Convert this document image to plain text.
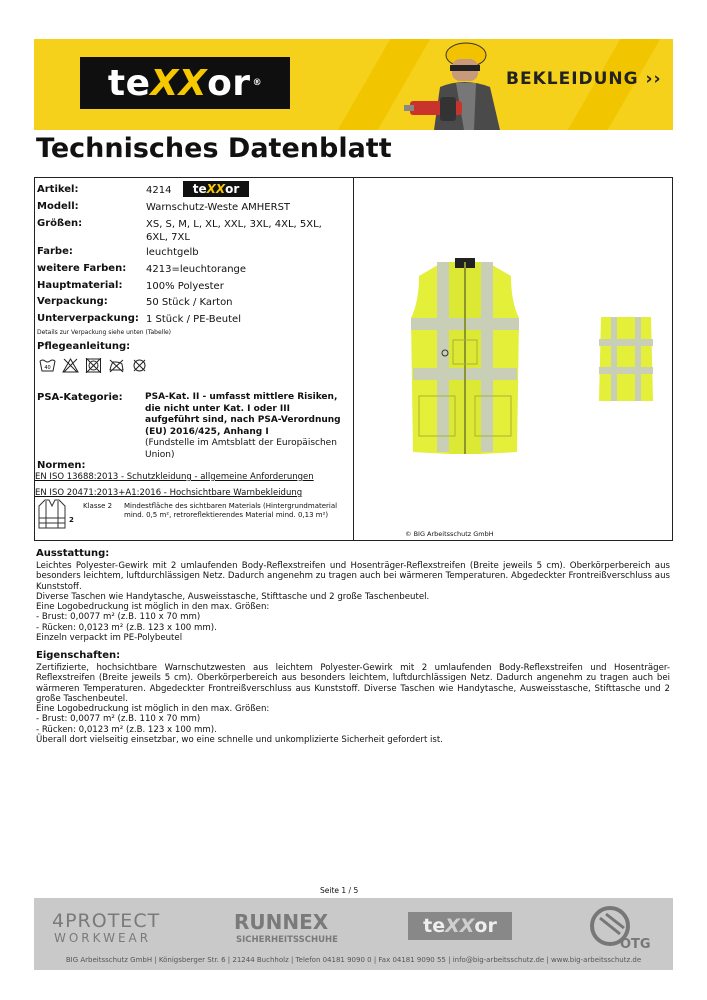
te XX or ®	BEKLEIDUNG ››
Technisches Datenblatt
Artikel:	4214	te XX or
Modell:	Warnschutz-Weste AMHERST
Größen:	XS, S, M, L, XL, XXL, 3XL, 4XL, 5XL, 6XL, 7XL
Farbe:	leuchtgelb
weitere Farben:	4213=leuchtorange
Hauptmaterial:	100% Polyester
Verpackung:	50 Stück / Karton
Unterverpackung: 1 Stück / PE-Beutel
Details zur Verpackung siehe unten (Tabelle)
Pflegeanleitung:
40
PSA-Kategorie: PSA-Kat. II - umfasst mittlere Risiken, die nicht unter Kat. I oder III aufgeführt sind, nach PSA-Verordnung (EU) 2016/425, Anhang I
(Fundstelle im Amtsblatt der Europäischen Union)
Normen:
EN ISO 13688:2013 - Schutzkleidung - allgemeine Anforderungen
EN ISO 20471:2013+A1:2016 - Hochsichtbare Warnbekleidung
2
Klasse 2 Mindestfläche des sichtbaren Materials (Hintergrundmaterial mind. 0,5 m², retroreflektierendes Material mind. 0,13 m²)
© BIG Arbeitsschutz GmbH
Ausstattung:
Leichtes Polyester-Gewirk mit 2 umlaufenden Body-Reflexstreifen und Hosenträger-Reflexstreifen (Breite jeweils 5 cm). Oberkörperbereich aus besonders leichtem, luftdurchlässigen Netz. Dadurch angenehm zu tragen auch bei wärmeren Temperaturen. Abgedeckter Frontreißverschluss aus Kunststoff.
Diverse Taschen wie Handytasche, Ausweisstasche, Stifttasche und 2 große Taschenbeutel.
Eine Logobedruckung ist möglich in den max. Größen:
- Brust: 0,0077 m² (z.B. 110 x 70 mm)
- Rücken: 0,0123 m² (z.B. 123 x 100 mm).
Einzeln verpackt im PE-Polybeutel
Eigenschaften:
Zertifizierte, hochsichtbare Warnschutzwesten aus leichtem Polyester-Gewirk mit 2 umlaufenden Body-Reflexstreifen und Hosenträger-Reflexstreifen (Breite jeweils 5 cm). Oberkörperbereich aus besonders leichtem, luftdurchlässigen Netz. Dadurch angenehm zu tragen auch bei wärmeren Temperaturen. Abgedeckter Frontreißverschluss aus Kunststoff. Diverse Taschen wie Handytasche, Ausweisstasche, Stifttasche und 2 große Taschenbeutel.
Eine Logobedruckung ist möglich in den max. Größen:
- Brust: 0,0077 m² (z.B. 110 x 70 mm)
- Rücken: 0,0123 m² (z.B. 123 x 100 mm).
Überall dort vielseitig einsetzbar, wo eine schnelle und unkomplizierte Sicherheit gefordert ist.
Seite 1 / 5
4PROTECT
WORKWEAR
RUNNEX
SICHERHEITSSCHUHE
te XX or
OTG
BIG Arbeitsschutz GmbH | Königsberger Str. 6 | 21244 Buchholz | Telefon 04181 9090 0 | Fax 04181 9090 55 | info@big-arbeitsschutz.de | www.big-arbeitsschutz.de
